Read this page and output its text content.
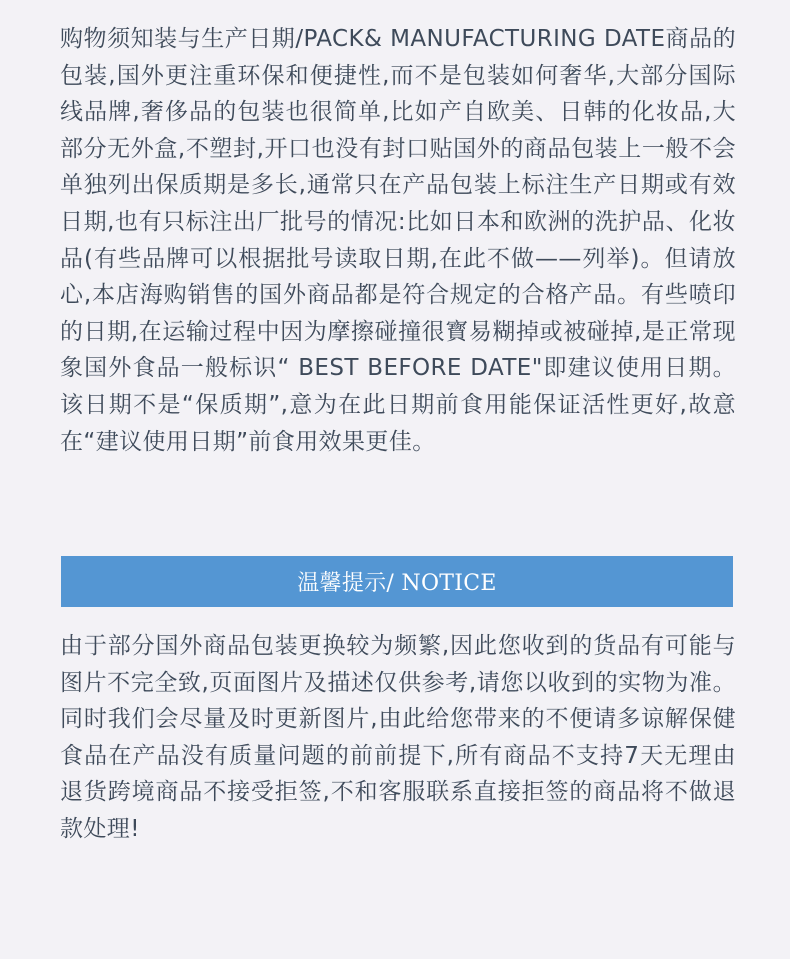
购物须知装与生产日期/PACK& MANUFACTURING DATE商品的包装,国外更注重环保和便捷性,而不是包装如何奢华,大部分国际线品牌,奢侈品的包装也很简单,比如产自欧美、日韩的化妆品,大部分无外盒,不塑封,开口也没有封口贴国外的商品包装上一般不会单独列出保质期是多长,通常只在产品包装上标注生产日期或有效日期,也有只标注出厂批号的情况:比如日本和欧洲的洗护品、化妆品(有些品牌可以根据批号读取日期,在此不做——列举)。但请放心,本店海购销售的国外商品都是符合规定的合格产品。有些喷印的日期,在运输过程中因为摩擦碰撞很寳易糊掉或被碰掉,是正常现象国外食品一般标识“ BEST BEFORE DATE"即建议使用日期。该日期不是“保质期”,意为在此日期前食用能保证活性更好,故意在“建议使用日期”前食用效果更佳。

温馨提示/ NOTICE

由于部分国外商品包装更换较为频繁,因此您收到的货品有可能与图片不完全致,页面图片及描述仅供参考,请您以收到的实物为准。同时我们会尽量及时更新图片,由此给您带来的不便请多谅解保健食品在产品没有质量问题的前前提下,所有商品不支持7天无理由退货跨境商品不接受拒签,不和客服联系直接拒签的商品将不做退款处理!
